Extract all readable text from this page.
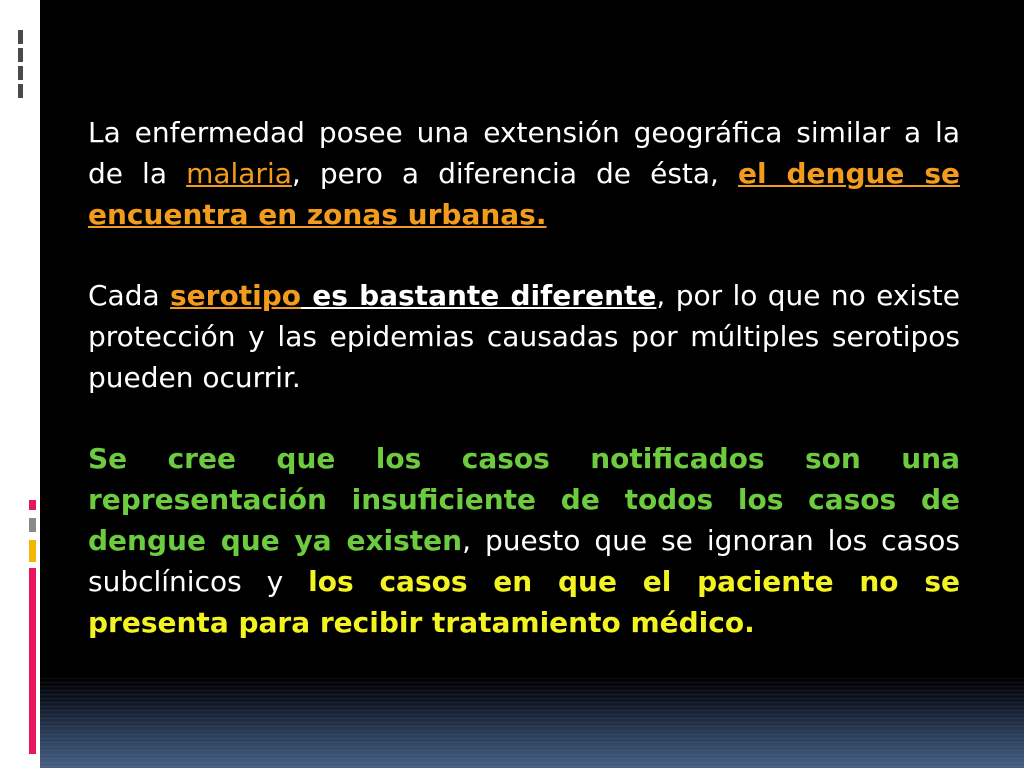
La enfermedad posee una extensión geográfica similar a la de la malaria, pero a diferencia de ésta, el dengue se encuentra en zonas urbanas.

Cada serotipo es bastante diferente, por lo que no existe protección y las epidemias causadas por múltiples serotipos pueden ocurrir.

Se cree que los casos notificados son una representación insuficiente de todos los casos de dengue que ya existen, puesto que se ignoran los casos subclínicos y los casos en que el paciente no se presenta para recibir tratamiento médico.
